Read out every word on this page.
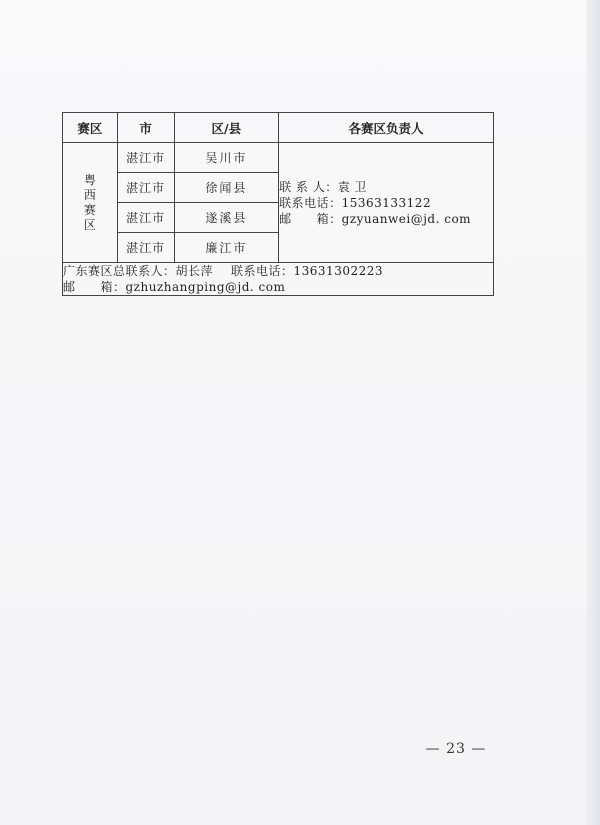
赛区	市	区/县	各赛区负责人
粤西赛区	湛江市	吴川市	联 系 人：袁 卫
联系电话：15363133122
邮　　箱：gzyuanwei@jd. com

	湛江市	徐闻县	
	湛江市	遂溪县	
	湛江市	廉江市	

广东赛区总联系人：胡长萍 联系电话：13631302223
邮　　箱：gzhuzhangping@jd. com			
— 23 —
